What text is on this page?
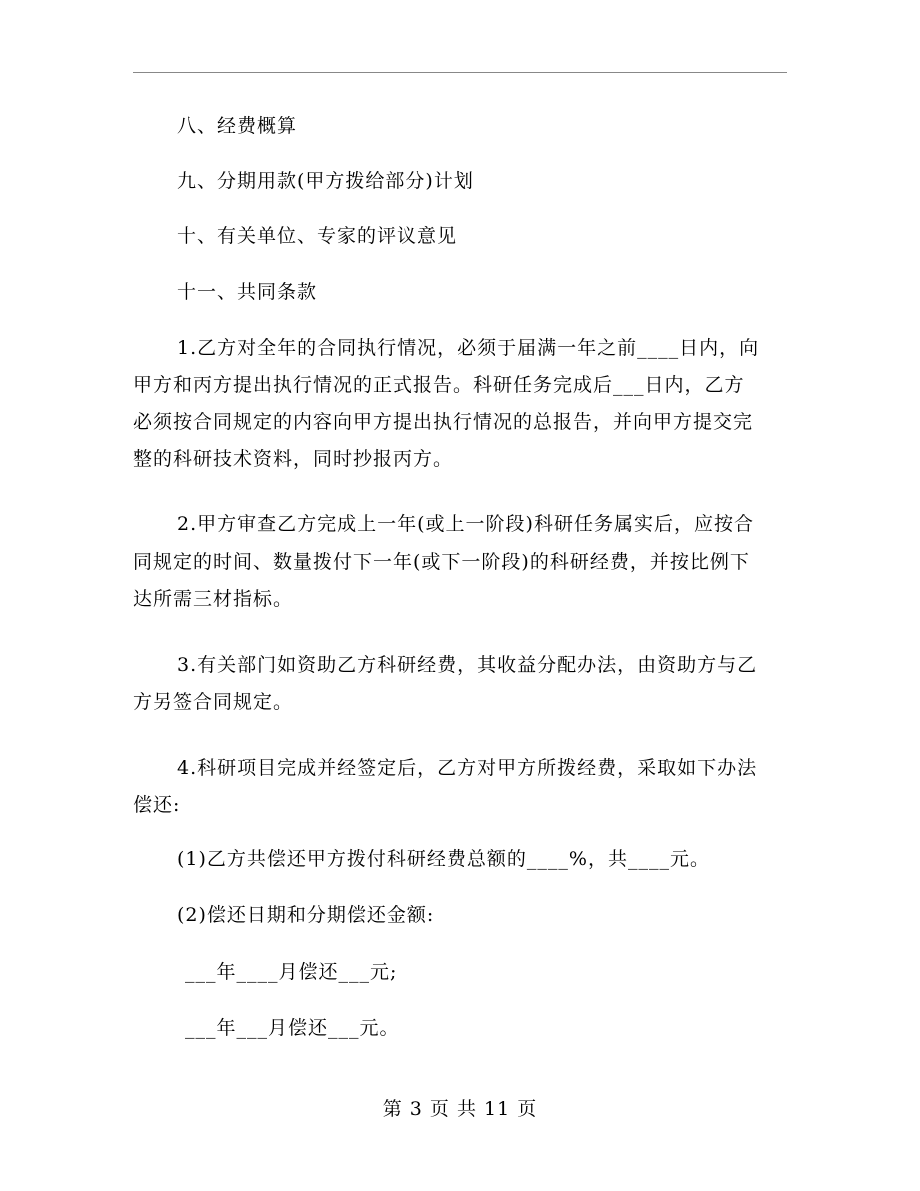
八、经费概算
九、分期用款(甲方拨给部分)计划
十、有关单位、专家的评议意见
十一、共同条款
1.乙方对全年的合同执行情况，必须于届满一年之前____日内，向
甲方和丙方提出执行情况的正式报告。科研任务完成后___日内，乙方
必须按合同规定的内容向甲方提出执行情况的总报告，并向甲方提交完
整的科研技术资料，同时抄报丙方。
2.甲方审查乙方完成上一年(或上一阶段)科研任务属实后，应按合
同规定的时间、数量拨付下一年(或下一阶段)的科研经费，并按比例下
达所需三材指标。
3.有关部门如资助乙方科研经费，其收益分配办法，由资助方与乙
方另签合同规定。
4.科研项目完成并经签定后，乙方对甲方所拨经费，采取如下办法
偿还:
(1)乙方共偿还甲方拨付科研经费总额的____%，共____元。
(2)偿还日期和分期偿还金额:
___年____月偿还___元;
___年___月偿还___元。
第 3 页 共 11 页
